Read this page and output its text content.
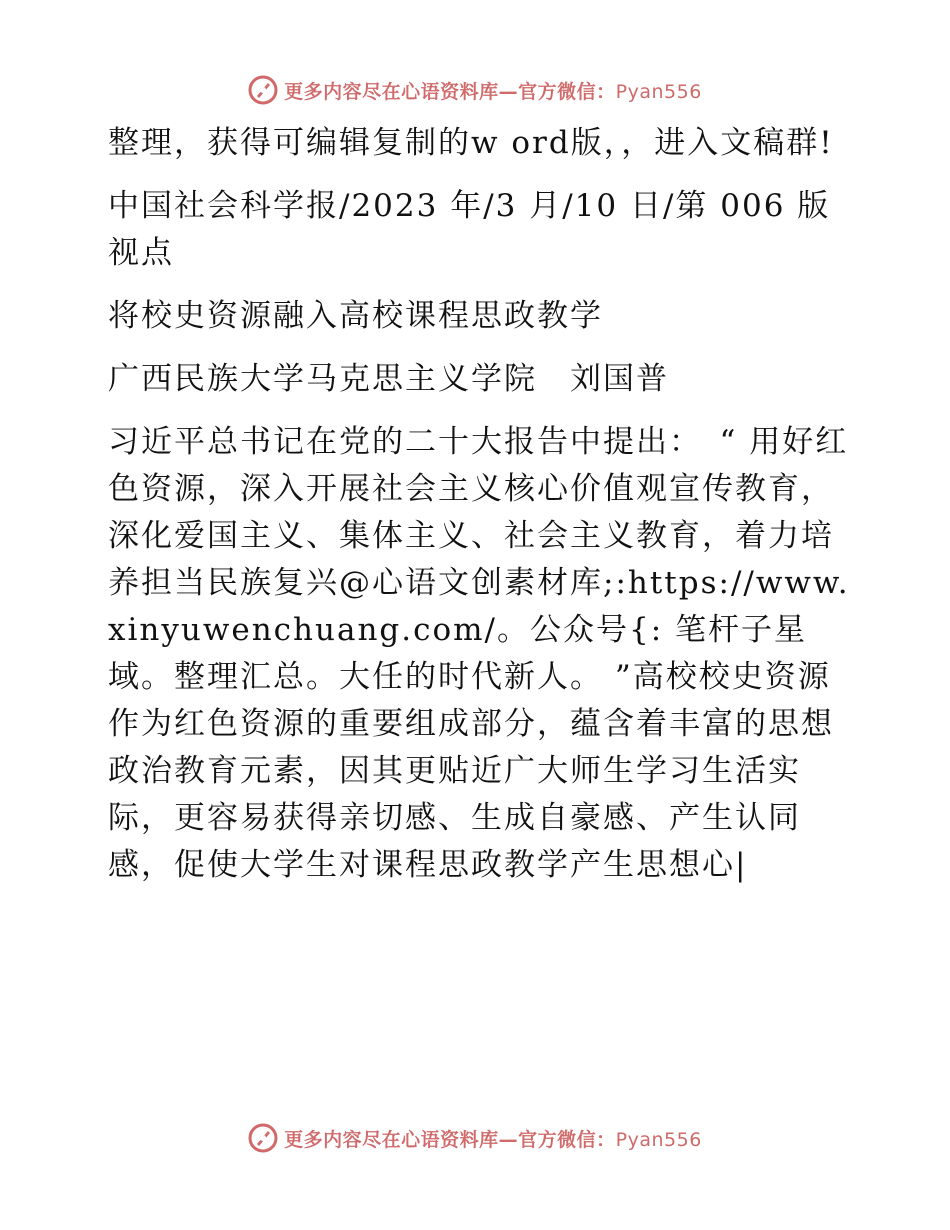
更多内容尽在心语资料库—官方微信：Pyan556

整理，获得可编辑复制的w ord版，，进入文稿群!

中国社会科学报/2023 年/3 月/10 日/第 006 版视点

将校史资源融入高校课程思政教学

广西民族大学马克思主义学院　刘国普

习近平总书记在党的二十大报告中提出：　“ 用好红色资源，深入开展社会主义核心价值观宣传教育，深化爱国主义、集体主义、社会主义教育，着力培养担当民族复兴@心语文创素材库;:https://www.xinyuwenchuang.com/。公众号{: 笔杆子星域。整理汇总。大任的时代新人。 ”高校校史资源作为红色资源的重要组成部分，蕴含着丰富的思想政治教育元素，因其更贴近广大师生学习生活实际，更容易获得亲切感、生成自豪感、产生认同感，促使大学生对课程思政教学产生思想心|

更多内容尽在心语资料库—官方微信：Pyan556
